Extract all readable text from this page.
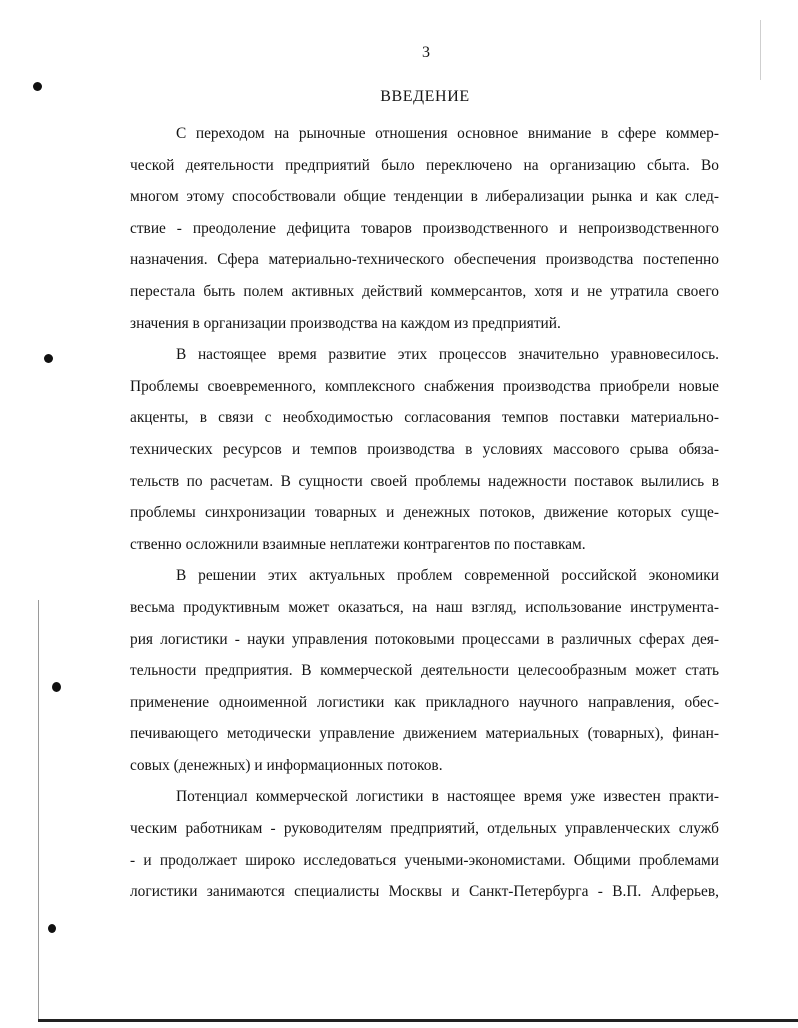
3
ВВЕДЕНИЕ
С переходом на рыночные отношения основное внимание в сфере коммер-
ческой деятельности предприятий было переключено на организацию сбыта. Во
многом этому способствовали общие тенденции в либерализации рынка и как след-
ствие - преодоление дефицита товаров производственного и непроизводственного
назначения. Сфера материально-технического обеспечения производства постепенно
перестала быть полем активных действий коммерсантов, хотя и не утратила своего
значения в организации производства на каждом из предприятий.
В настоящее время развитие этих процессов значительно уравновесилось.
Проблемы своевременного, комплексного снабжения производства приобрели новые
акценты, в связи с необходимостью согласования темпов поставки материально-
технических ресурсов и темпов производства в условиях массового срыва обяза-
тельств по расчетам. В сущности своей проблемы надежности поставок вылились в
проблемы синхронизации товарных и денежных потоков, движение которых суще-
ственно осложнили взаимные неплатежи контрагентов по поставкам.
В решении этих актуальных проблем современной российской экономики
весьма продуктивным может оказаться, на наш взгляд, использование инструмента-
рия логистики - науки управления потоковыми процессами в различных сферах дея-
тельности предприятия. В коммерческой деятельности целесообразным может стать
применение одноименной логистики как прикладного научного направления, обес-
печивающего методически управление движением материальных (товарных), финан-
совых (денежных) и информационных потоков.
Потенциал коммерческой логистики в настоящее время уже известен практи-
ческим работникам - руководителям предприятий, отдельных управленческих служб
- и продолжает широко исследоваться учеными-экономистами. Общими проблемами
логистики занимаются специалисты Москвы и Санкт-Петербурга - В.П. Алферьев,
